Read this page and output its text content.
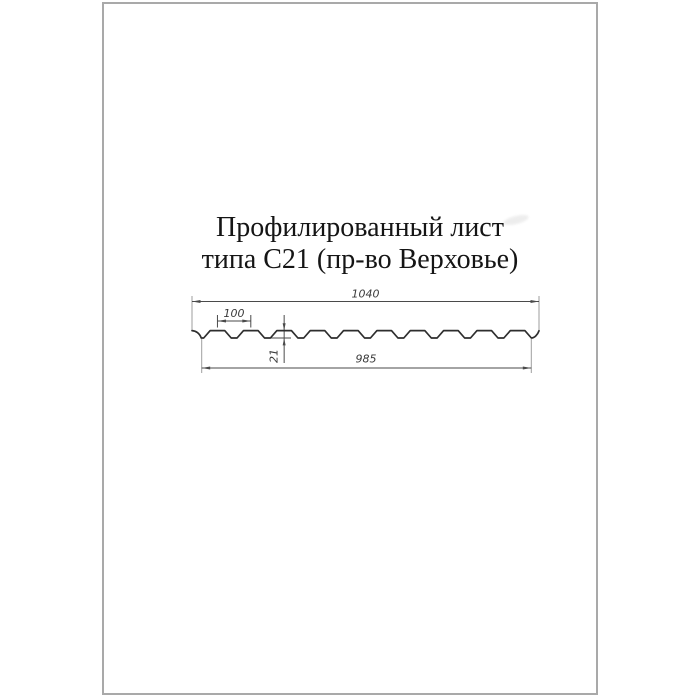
Профилированный лист
типа С21 (пр-во Верховье)
1040
100
21	985
